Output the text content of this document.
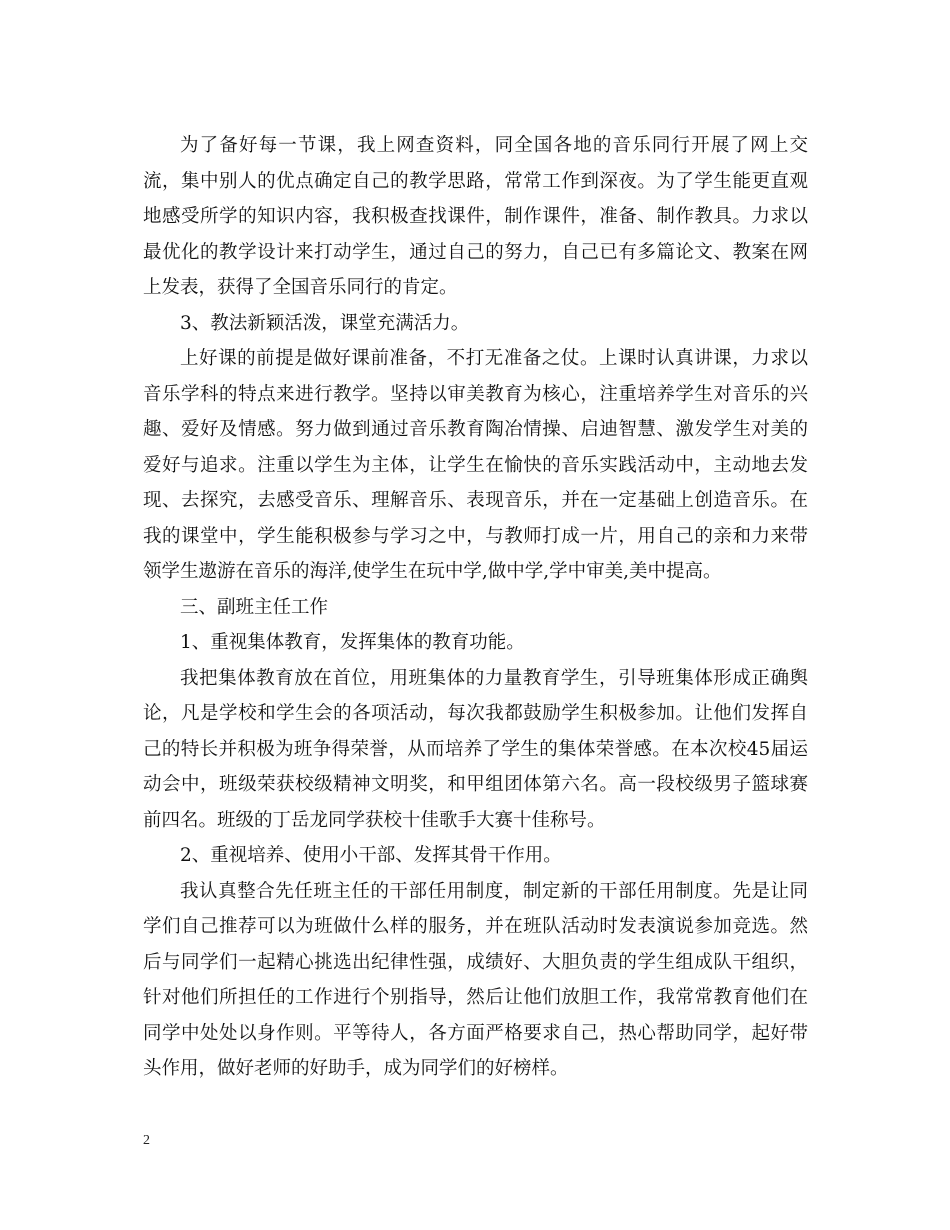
为了备好每一节课，我上网查资料，同全国各地的音乐同行开展了网上交流，集中别人的优点确定自己的教学思路，常常工作到深夜。为了学生能更直观地感受所学的知识内容，我积极查找课件，制作课件，准备、制作教具。力求以最优化的教学设计来打动学生，通过自己的努力，自己已有多篇论文、教案在网上发表，获得了全国音乐同行的肯定。

3、教法新颖活泼，课堂充满活力。

上好课的前提是做好课前准备，不打无准备之仗。上课时认真讲课，力求以音乐学科的特点来进行教学。坚持以审美教育为核心，注重培养学生对音乐的兴趣、爱好及情感。努力做到通过音乐教育陶冶情操、启迪智慧、激发学生对美的爱好与追求。注重以学生为主体，让学生在愉快的音乐实践活动中，主动地去发现、去探究，去感受音乐、理解音乐、表现音乐，并在一定基础上创造音乐。在我的课堂中，学生能积极参与学习之中，与教师打成一片，用自己的亲和力来带领学生遨游在音乐的海洋,使学生在玩中学,做中学,学中审美,美中提高。

三、副班主任工作

1、重视集体教育，发挥集体的教育功能。

我把集体教育放在首位，用班集体的力量教育学生，引导班集体形成正确舆论，凡是学校和学生会的各项活动，每次我都鼓励学生积极参加。让他们发挥自己的特长并积极为班争得荣誉，从而培养了学生的集体荣誉感。在本次校45届运动会中，班级荣获校级精神文明奖，和甲组团体第六名。高一段校级男子篮球赛前四名。班级的丁岳龙同学获校十佳歌手大赛十佳称号。

2、重视培养、使用小干部、发挥其骨干作用。

我认真整合先任班主任的干部任用制度，制定新的干部任用制度。先是让同学们自己推荐可以为班做什么样的服务，并在班队活动时发表演说参加竞选。然后与同学们一起精心挑选出纪律性强，成绩好、大胆负责的学生组成队干组织，针对他们所担任的工作进行个别指导，然后让他们放胆工作，我常常教育他们在同学中处处以身作则。平等待人，各方面严格要求自己，热心帮助同学，起好带头作用，做好老师的好助手，成为同学们的好榜样。

2
